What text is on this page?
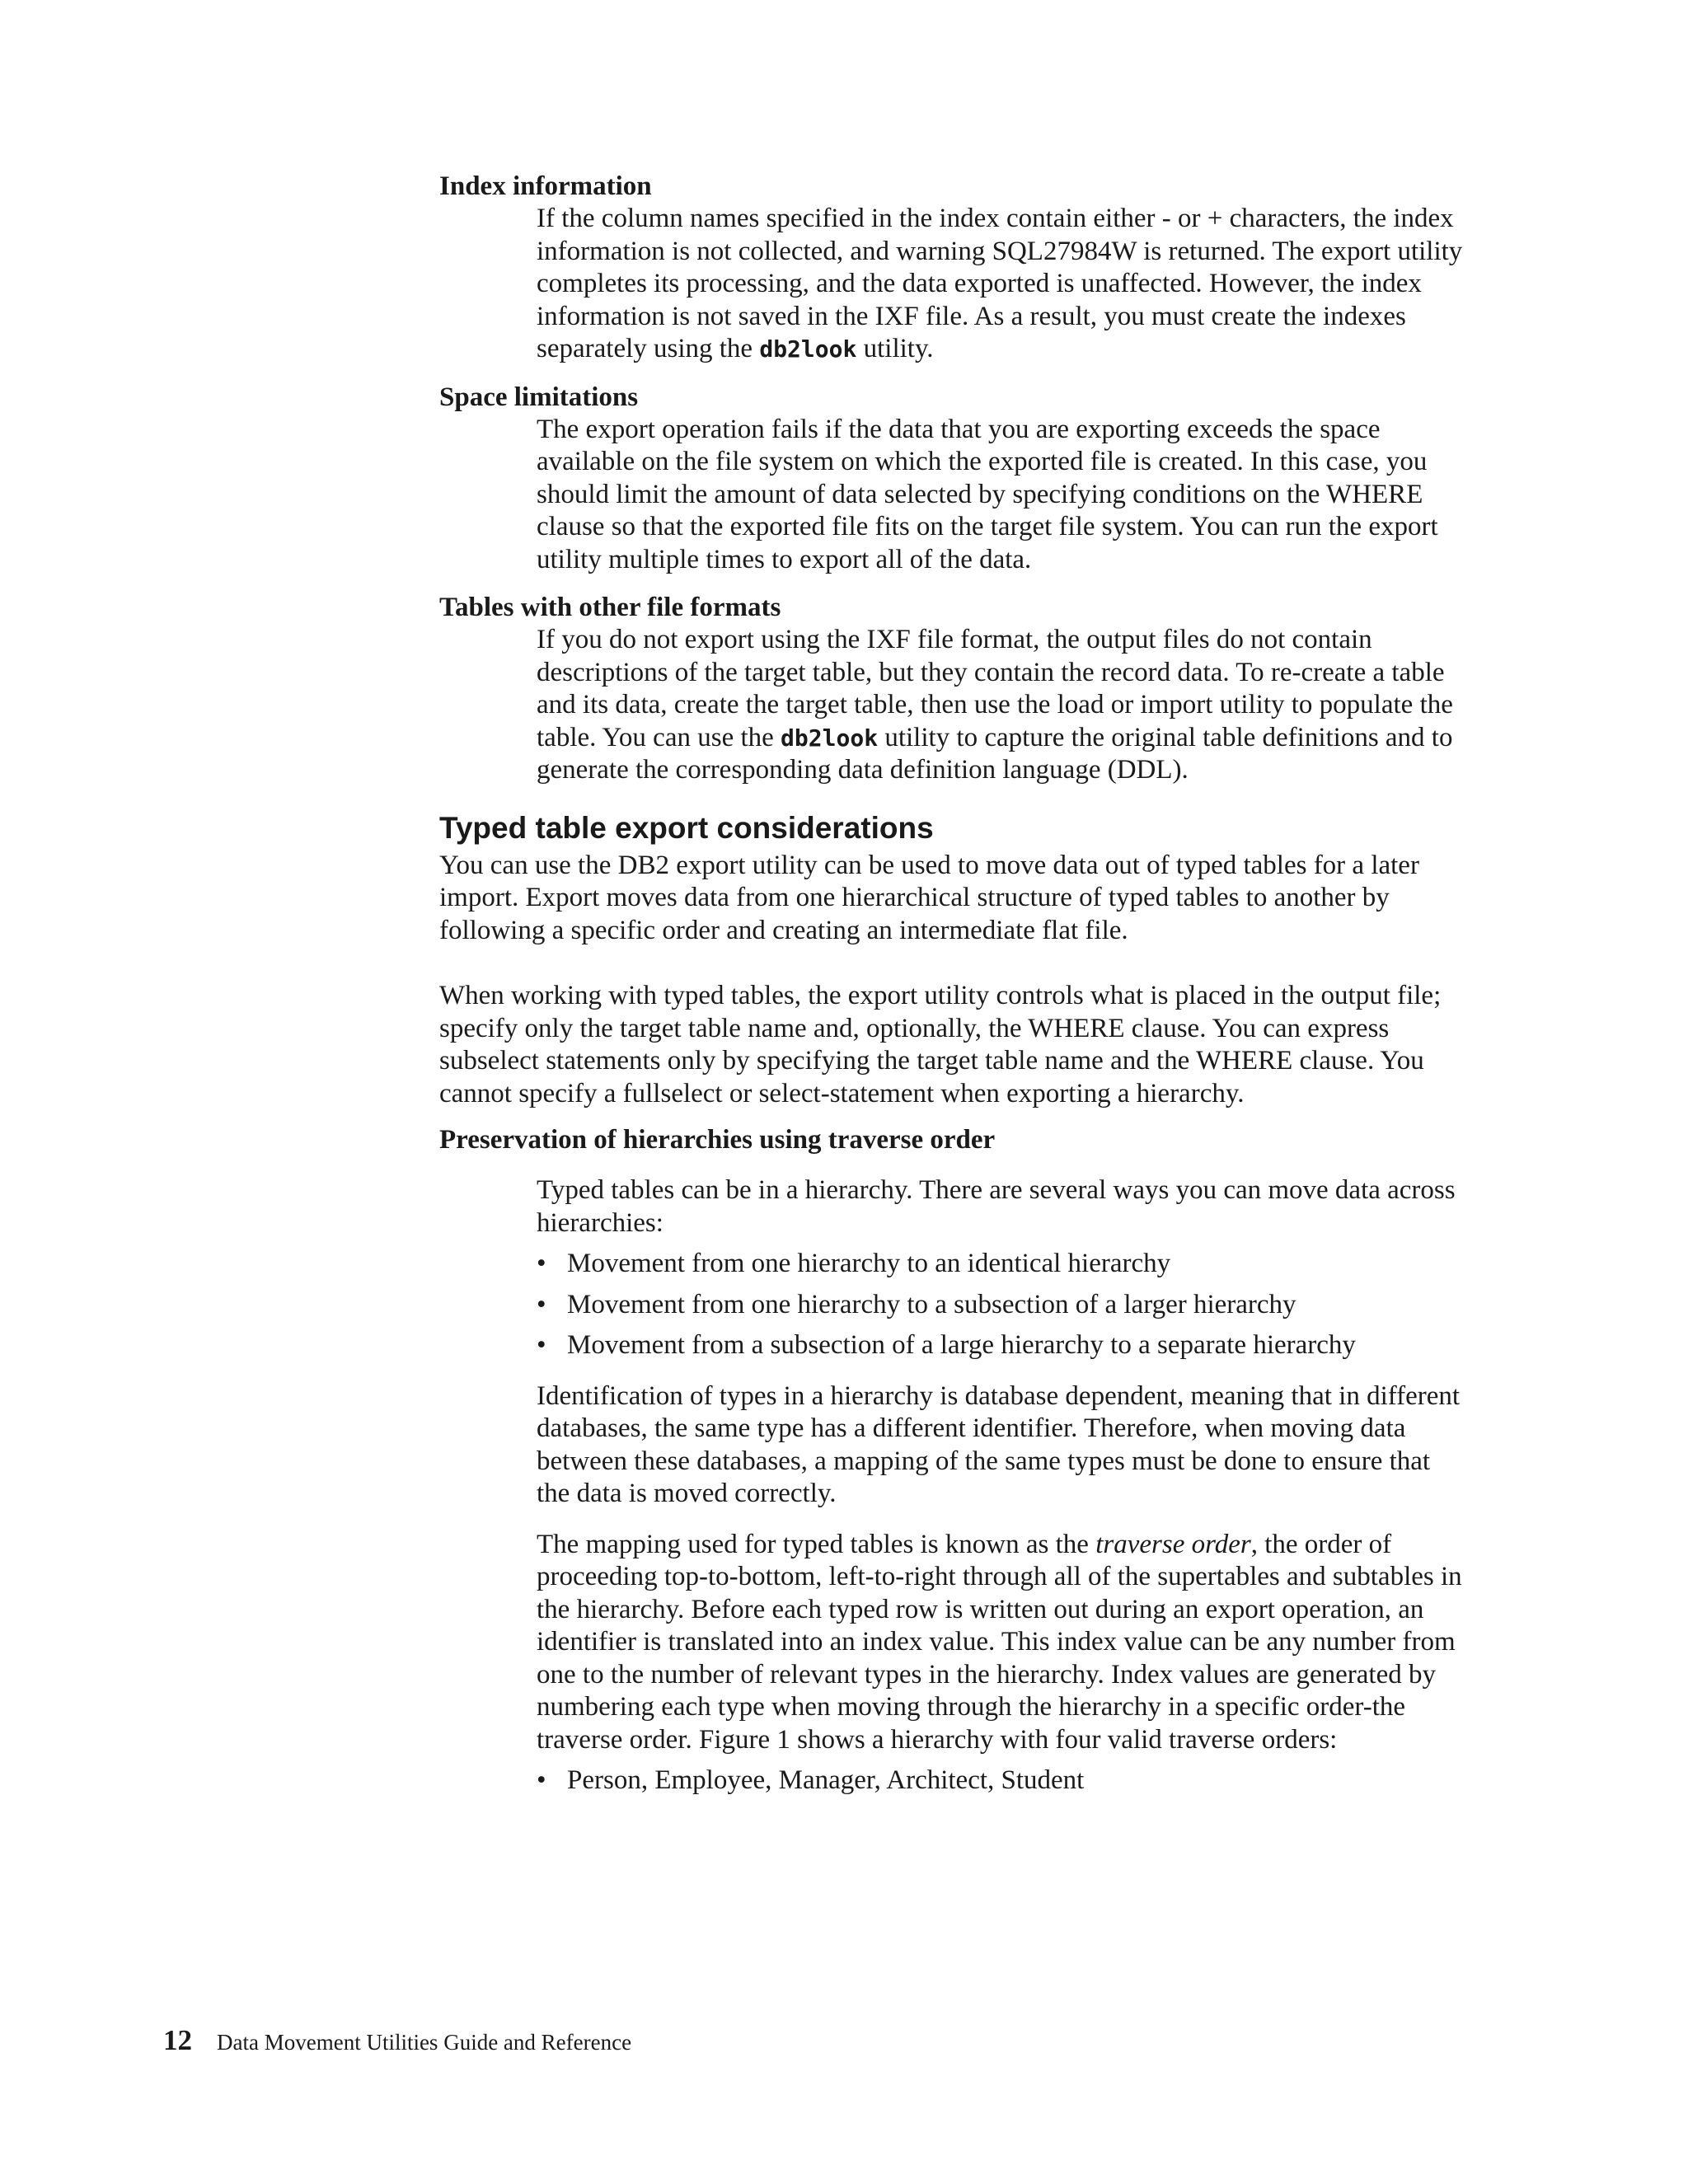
Index information
If the column names specified in the index contain either - or + characters, the index information is not collected, and warning SQL27984W is returned. The export utility completes its processing, and the data exported is unaffected. However, the index information is not saved in the IXF file. As a result, you must create the indexes separately using the db2look utility.
Space limitations
The export operation fails if the data that you are exporting exceeds the space available on the file system on which the exported file is created. In this case, you should limit the amount of data selected by specifying conditions on the WHERE clause so that the exported file fits on the target file system. You can run the export utility multiple times to export all of the data.
Tables with other file formats
If you do not export using the IXF file format, the output files do not contain descriptions of the target table, but they contain the record data. To re-create a table and its data, create the target table, then use the load or import utility to populate the table. You can use the db2look utility to capture the original table definitions and to generate the corresponding data definition language (DDL).
Typed table export considerations

You can use the DB2 export utility can be used to move data out of typed tables for a later import. Export moves data from one hierarchical structure of typed tables to another by following a specific order and creating an intermediate flat file.

When working with typed tables, the export utility controls what is placed in the output file; specify only the target table name and, optionally, the WHERE clause. You can express subselect statements only by specifying the target table name and the WHERE clause. You cannot specify a fullselect or select-statement when exporting a hierarchy.

Preservation of hierarchies using traverse order

Typed tables can be in a hierarchy. There are several ways you can move data across hierarchies:

• Movement from one hierarchy to an identical hierarchy
• Movement from one hierarchy to a subsection of a larger hierarchy
• Movement from a subsection of a large hierarchy to a separate hierarchy

Identification of types in a hierarchy is database dependent, meaning that in different databases, the same type has a different identifier. Therefore, when moving data between these databases, a mapping of the same types must be done to ensure that the data is moved correctly.

The mapping used for typed tables is known as the traverse order, the order of proceeding top-to-bottom, left-to-right through all of the supertables and subtables in the hierarchy. Before each typed row is written out during an export operation, an identifier is translated into an index value. This index value can be any number from one to the number of relevant types in the hierarchy. Index values are generated by numbering each type when moving through the hierarchy in a specific order-the traverse order. Figure 1 shows a hierarchy with four valid traverse orders:

• Person, Employee, Manager, Architect, Student
12 Data Movement Utilities Guide and Reference
